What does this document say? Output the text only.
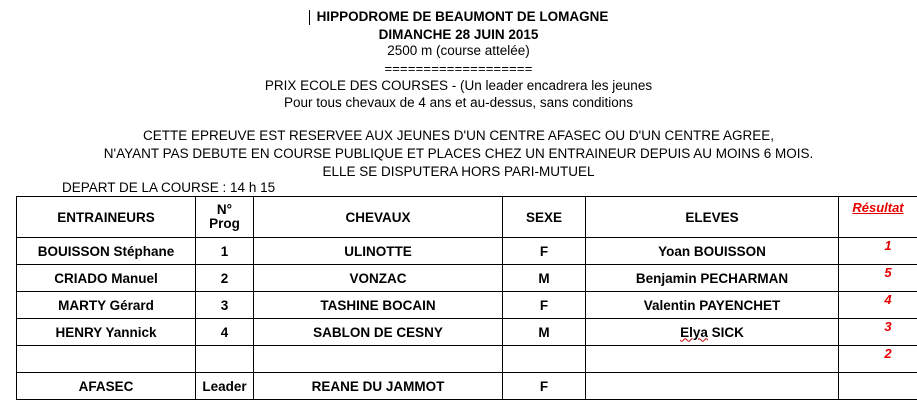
HIPPODROME DE BEAUMONT DE LOMAGNE
DIMANCHE 28 JUIN 2015
2500 m (course attelée)
===================
PRIX ECOLE DES COURSES - (Un leader encadrera les jeunes
Pour tous chevaux de 4 ans et au-dessus, sans conditions
CETTE EPREUVE EST RESERVEE AUX JEUNES D'UN CENTRE AFASEC OU D'UN CENTRE AGREE,
N'AYANT PAS DEBUTE EN COURSE PUBLIQUE ET PLACES CHEZ UN ENTRAINEUR DEPUIS AU MOINS 6 MOIS.
ELLE SE DISPUTERA HORS PARI-MUTUEL
DEPART DE LA COURSE : 14 h 15
ENTRAINEURS	N°
Prog	CHEVAUX	SEXE	ELEVES	Résultat
BOUISSON Stéphane	1	ULINOTTE	F	Yoan BOUISSON	1
CRIADO Manuel	2	VONZAC	M	Benjamin PECHARMAN	5
MARTY Gérard	3	TASHINE BOCAIN	F	Valentin PAYENCHET	4
HENRY Yannick	4	SABLON DE CESNY	M	Elya SICK	3
					2
AFASEC	Leader	REANE DU JAMMOT	F		
